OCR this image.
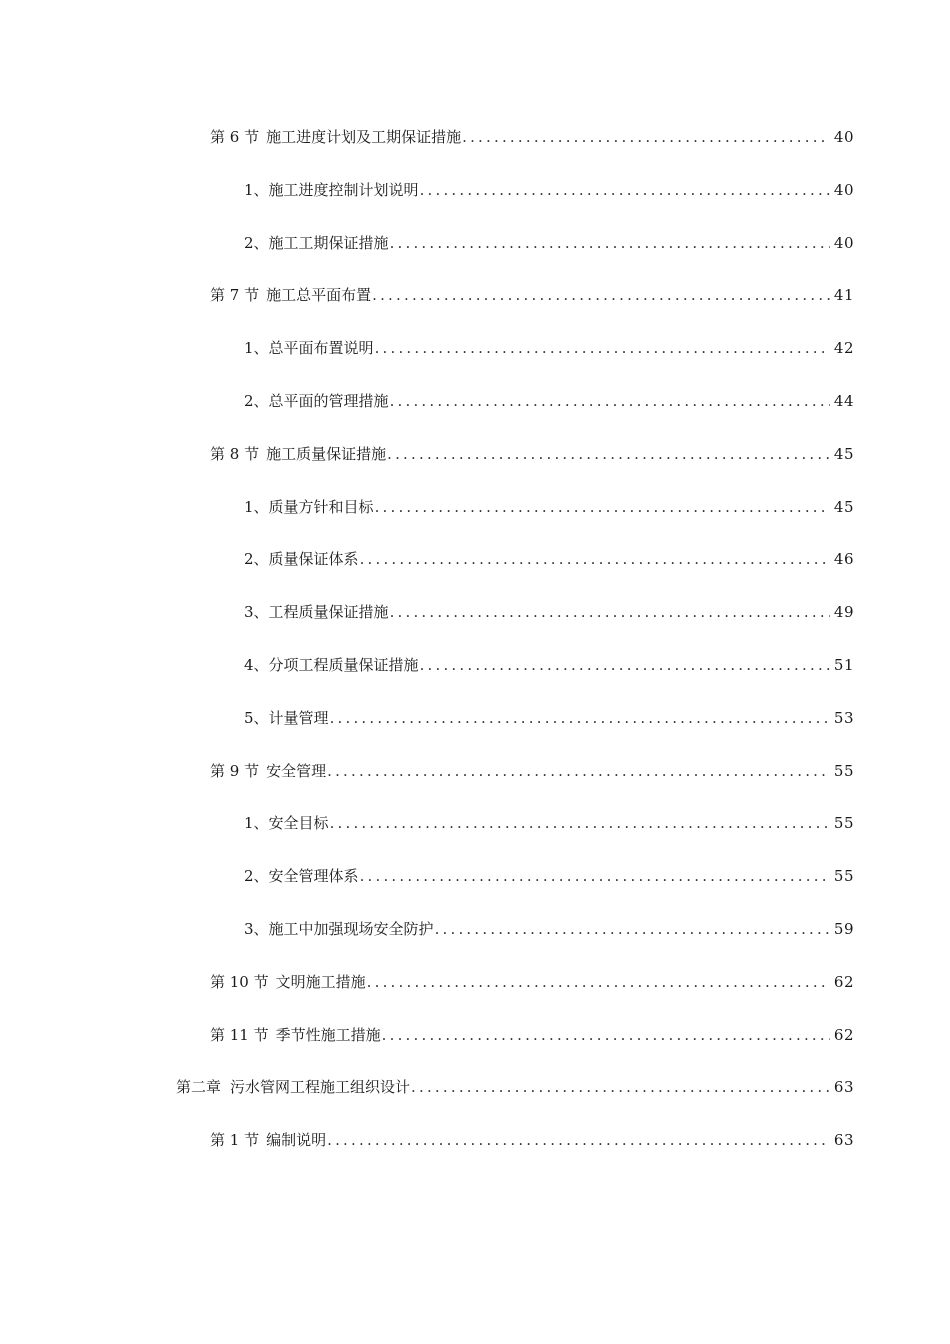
第 6 节 施工进度计划及工期保证措施 .....	40
1、 施工进度控制计划说明 .....	40
2、 施工工期保证措施 .....	40
第 7 节 施工总平面布置 .....	41
1、 总平面布置说明 .....	42
2、 总平面的管理措施 .....	44
第 8 节 施工质量保证措施 .....	45
1、 质量方针和目标 .....	45
2、 质量保证体系 .....	46
3、 工程质量保证措施 .....	49
4、 分项工程质量保证措施 .....	51
5、 计量管理 .....	53
第 9 节 安全管理 .....	55
1、 安全目标 .....	55
2、 安全管理体系 .....	55
3、 施工中加强现场安全防护 .....	59
第 10 节 文明施工措施 .....	62
第 11 节 季节性施工措施 .....	62
第二章 污水管网工程施工组织设计 .....	63
第 1 节 编制说明 .....	63
